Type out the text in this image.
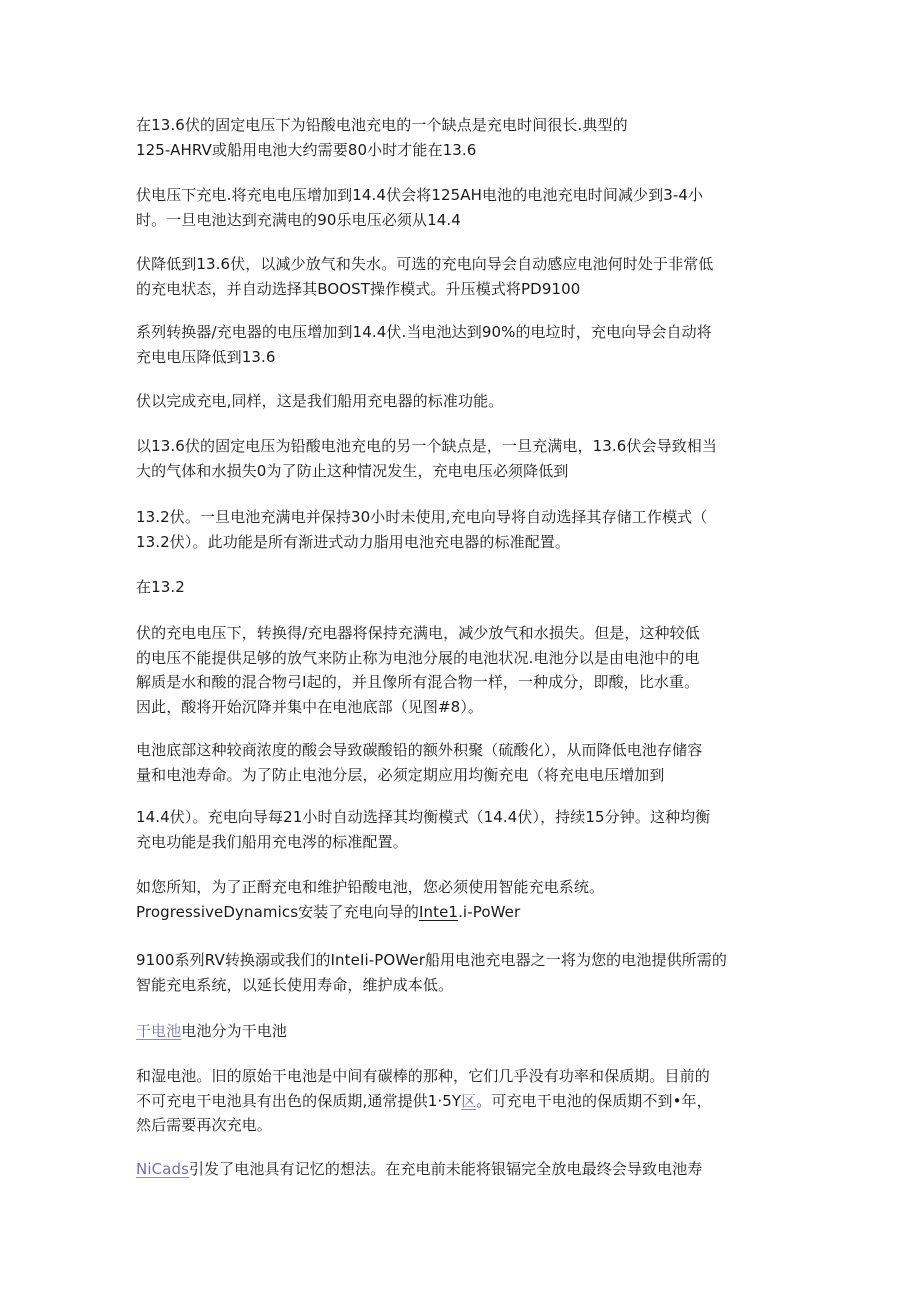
在13.6伏的固定电压下为铅酸电池充电的一个缺点是充电时间很长.典型的
125-AHRV或船用电池大约需要80小时才能在13.6

伏电压下充电.将充电电压增加到14.4伏会将125AH电池的电池充电时间减少到3-4小
时。一旦电池达到充满电的90乐电压必须从14.4

伏降低到13.6伏，以减少放气和失水。可选的充电向导会自动感应电池何时处于非常低
的充电状态，并自动选择其BOOST操作模式。升压模式将PD9100

系列转换器/充电器的电压增加到14.4伏.当电池达到90%的电垃时，充电向导会自动将
充电电压降低到13.6

伏以完成充电,同样，这是我们船用充电器的标准功能。

以13.6伏的固定电压为铅酸电池充电的另一个缺点是，一旦充满电，13.6伏会导致相当
大的气体和水损失0为了防止这种情况发生，充电电压必须降低到

13.2伏。一旦电池充满电并保持30小时未使用,充电向导将自动选择其存储工作模式（
13.2伏）。此功能是所有渐进式动力脂用电池充电器的标准配置。

在13.2

伏的充电电压下，转换得/充电器将保持充满电，减少放气和水损失。但是，这种较低
的电压不能提供足够的放气来防止称为电池分展的电池状况.电池分以是由电池中的电
解质是水和酸的混合物弓I起的，并且像所有混合物一样，一种成分，即酸，比水重。
因此，酸将开始沉降并集中在电池底部（见图#8）。

电池底部这种较商浓度的酸会导致碳酸铅的额外积聚（硫酸化），从而降低电池存储容
量和电池寿命。为了防止电池分层，必须定期应用均衡充电（将充电电压增加到

14.4伏）。充电向导每21小时自动选择其均衡模式（14.4伏），持续15分钟。这种均衡
充电功能是我们船用充电涔的标准配置。

如您所知，为了正酹充电和维护铅酸电池，您必须使用智能充电系统。
ProgressiveDynamics安装了充电向导的Inte1.i-PoWer

9100系列RV转换溺或我们的InteIi-POWer船用电池充电器之一将为您的电池提供所需的
智能充电系统，以延长使用寿命，维护成本低。

干电池电池分为干电池

和湿电池。旧的原始干电池是中间有碳棒的那种，它们几乎没有功率和保质期。目前的
不可充电干电池具有出色的保质期,通常提供1·5Y区。可充电干电池的保质期不到•年，
然后需要再次充电。

NiCads引发了电池具有记忆的想法。在充电前未能将银镉完全放电最终会导致电池寿
